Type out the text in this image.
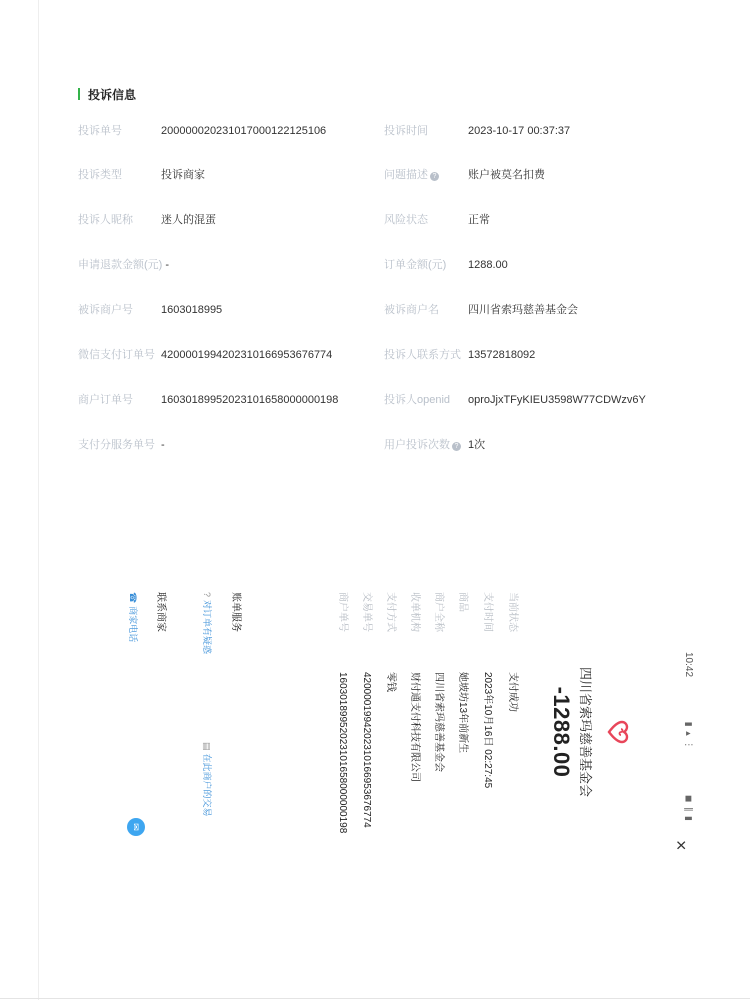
投诉信息
投诉单号	200000020231017000122125106	投诉时间	2023-10-17 00:37:37
投诉类型	投诉商家	问题描述 ?	账户被莫名扣费
投诉人昵称	迷人的混蛋	风险状态	正常
申请退款金额(元) -	订单金额(元) 1288.00
被诉商户号	1603018995	被诉商户名	四川省索玛慈善基金会
微信支付订单号 4200001994202310166953676774	投诉人联系方式 13572818092
商户订单号	16030189952023101658000000198	投诉人openid oproJjxTFyKIEU3598W77CDWzv6Y
支付分服务单号 -	用户投诉次数 ? 1次
10:42
▮ ▴ ⋮
◼ ∥ ▮
×
四川省索玛慈善基金会
-1288.00
当前状态
支付成功
支付时间
2023年10月16日 02:27:45
商品
她坡坊13年前新生
商户全称
四川省索玛慈善基金会
收单机构
财付通支付科技有限公司
支付方式
零钱
交易单号
4200001994202310166953676774
商户单号
16030189952023101658000000198
账单服务
?对订单有疑惑
▤在此商户的交易
联系商家
☎商家电话
✉
